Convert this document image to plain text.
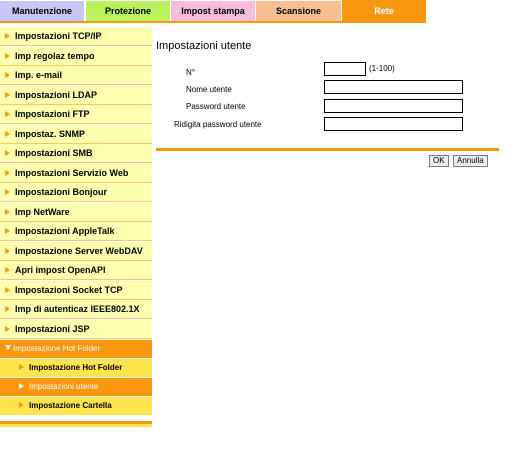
Manutenzione	Protezione	Impost stampa	Scansione	Rete
Impostazioni TCP/IP
Imp regolaz tempo
Imp. e-mail
Impostazioni LDAP
Impostazioni FTP
Impostaz. SNMP
Impostazioni SMB
Impostazioni Servizio Web
Impostazioni Bonjour
Imp NetWare
Impostazioni AppleTalk
Impostazione Server WebDAV
Apri impost OpenAPI
Impostazioni Socket TCP
Imp di autenticaz IEEE802.1X
Impostazioni JSP
Impostazione Hot Folder
Impostazione Hot Folder
Impostazioni utente
Impostazione Cartella
Impostazioni utente
N°	(1-100)
Nome utente
Password utente
Ridigita password utente
OK	Annulla
